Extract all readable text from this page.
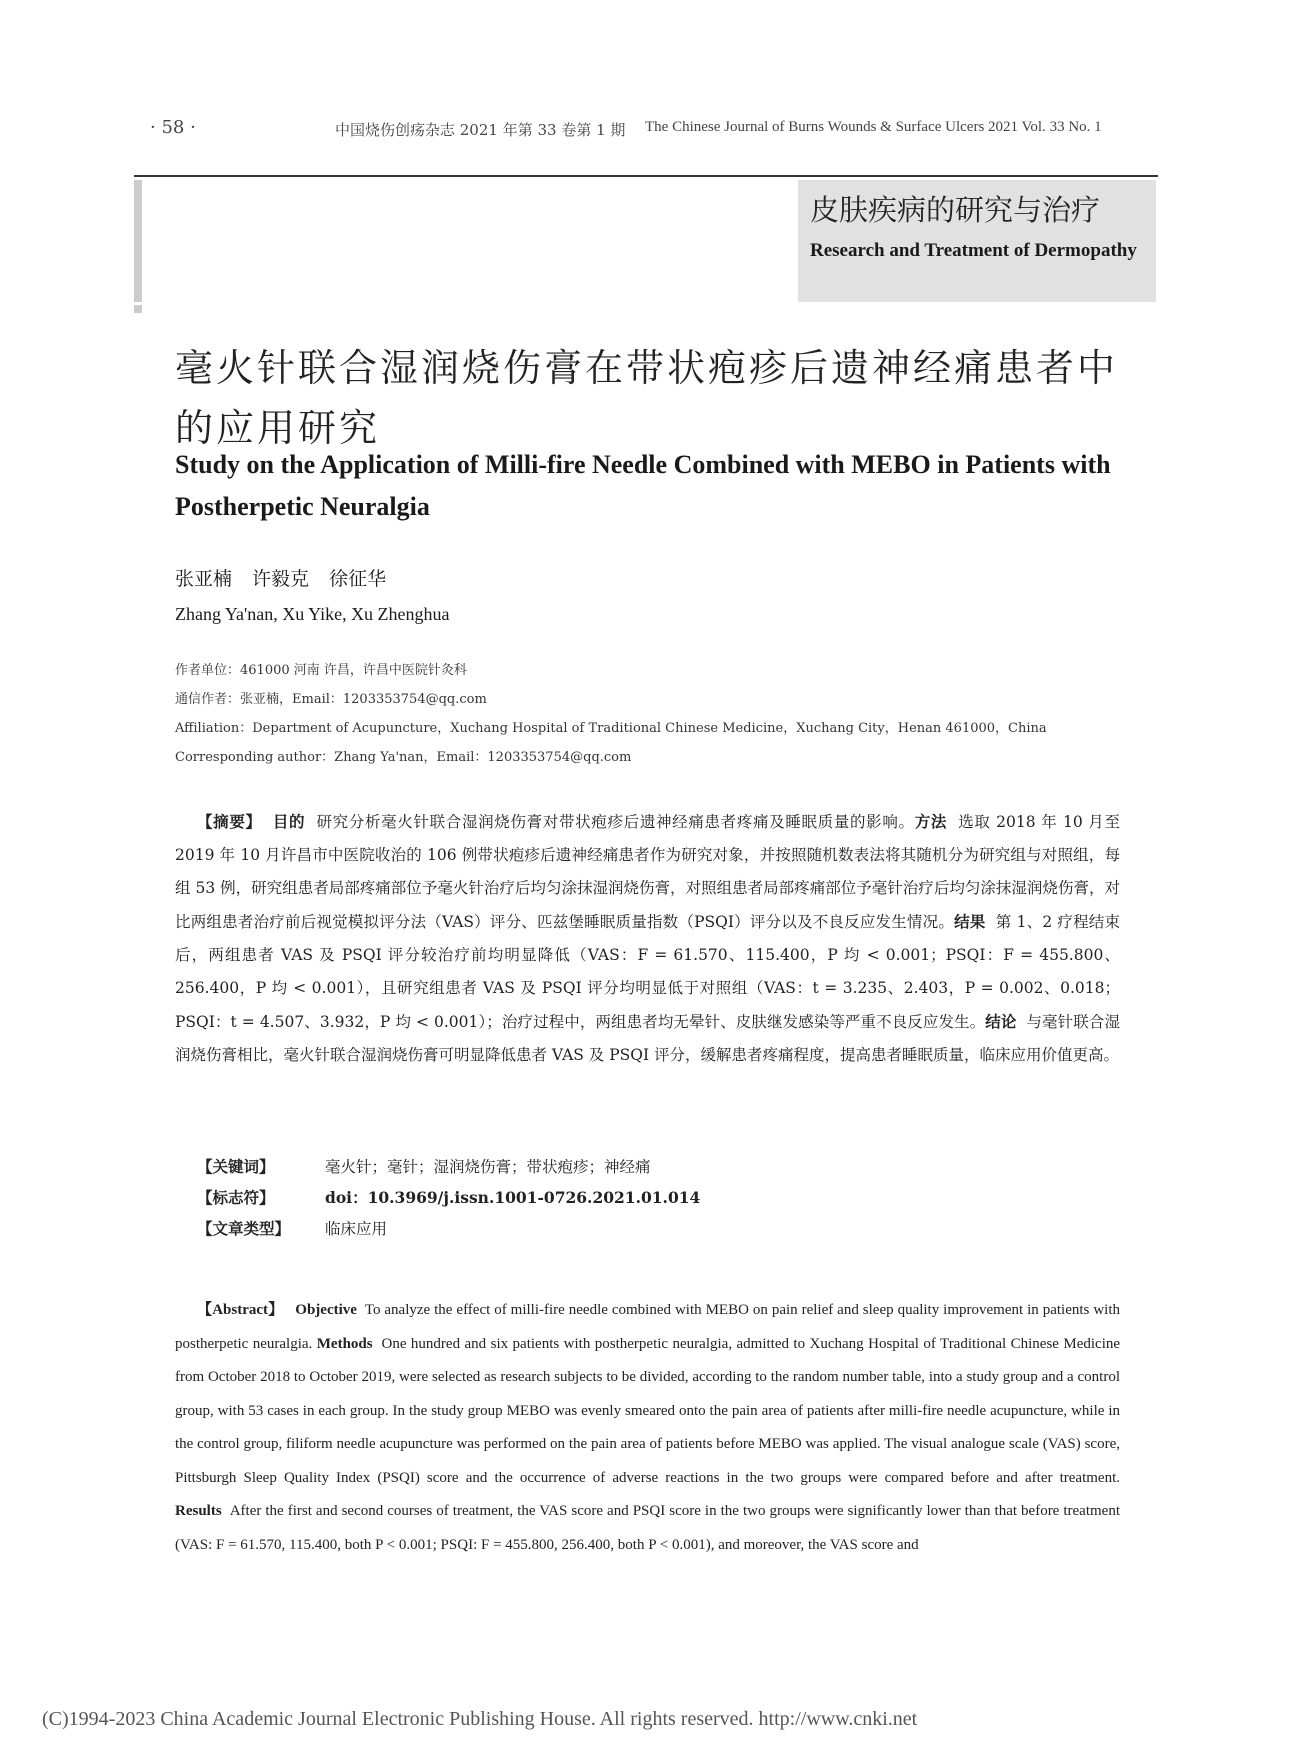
· 58 ·	中国烧伤创疡杂志 2021 年第 33 卷第 1 期 The Chinese Journal of Burns Wounds & Surface Ulcers 2021 Vol. 33 No. 1
皮肤疾病的研究与治疗
Research and Treatment of Dermopathy
毫火针联合湿润烧伤膏在带状疱疹后遗神经痛患者中的应用研究
Study on the Application of Milli-fire Needle Combined with MEBO in Patients with Postherpetic Neuralgia
张亚楠 许毅克 徐征华
Zhang Ya'nan, Xu Yike, Xu Zhenghua
作者单位：461000 河南 许昌，许昌中医院针灸科
通信作者：张亚楠，Email：1203353754@qq.com
Affiliation：Department of Acupuncture，Xuchang Hospital of Traditional Chinese Medicine，Xuchang City，Henan 461000，China
Corresponding author：Zhang Ya'nan，Email：1203353754@qq.com
【摘要】 目的 研究分析毫火针联合湿润烧伤膏对带状疱疹后遗神经痛患者疼痛及睡眠质量的影响。方法 选取 2018 年 10 月至 2019 年 10 月许昌市中医院收治的 106 例带状疱疹后遗神经痛患者作为研究对象，并按照随机数表法将其随机分为研究组与对照组，每组 53 例，研究组患者局部疼痛部位予毫火针治疗后均匀涂抹湿润烧伤膏，对照组患者局部疼痛部位予毫针治疗后均匀涂抹湿润烧伤膏，对比两组患者治疗前后视觉模拟评分法（VAS）评分、匹兹堡睡眠质量指数（PSQI）评分以及不良反应发生情况。结果 第 1、2 疗程结束后，两组患者 VAS 及 PSQI 评分较治疗前均明显降低（VAS：F = 61.570、115.400，P 均 < 0.001；PSQI：F = 455.800、256.400，P 均 < 0.001），且研究组患者 VAS 及 PSQI 评分均明显低于对照组（VAS：t = 3.235、2.403，P = 0.002、0.018；PSQI：t = 4.507、3.932，P 均 < 0.001）；治疗过程中，两组患者均无晕针、皮肤继发感染等严重不良反应发生。结论 与毫针联合湿润烧伤膏相比，毫火针联合湿润烧伤膏可明显降低患者 VAS 及 PSQI 评分，缓解患者疼痛程度，提高患者睡眠质量，临床应用价值更高。
【关键词】	毫火针；毫针；湿润烧伤膏；带状疱疹；神经痛
【标志符】	doi：10.3969/j.issn.1001-0726.2021.01.014
【文章类型】 临床应用
【Abstract】 Objective To analyze the effect of milli-fire needle combined with MEBO on pain relief and sleep quality improvement in patients with postherpetic neuralgia. Methods One hundred and six patients with postherpetic neuralgia, admitted to Xuchang Hospital of Traditional Chinese Medicine from October 2018 to October 2019, were selected as research subjects to be divided, according to the random number table, into a study group and a control group, with 53 cases in each group. In the study group MEBO was evenly smeared onto the pain area of patients after milli-fire needle acupuncture, while in the control group, filiform needle acupuncture was performed on the pain area of patients before MEBO was applied. The visual analogue scale (VAS) score, Pittsburgh Sleep Quality Index (PSQI) score and the occurrence of adverse reactions in the two groups were compared before and after treatment. Results After the first and second courses of treatment, the VAS score and PSQI score in the two groups were significantly lower than that before treatment (VAS: F = 61.570, 115.400, both P < 0.001; PSQI: F = 455.800, 256.400, both P < 0.001), and moreover, the VAS score and
(C)1994-2023 China Academic Journal Electronic Publishing House. All rights reserved. http://www.cnki.net
